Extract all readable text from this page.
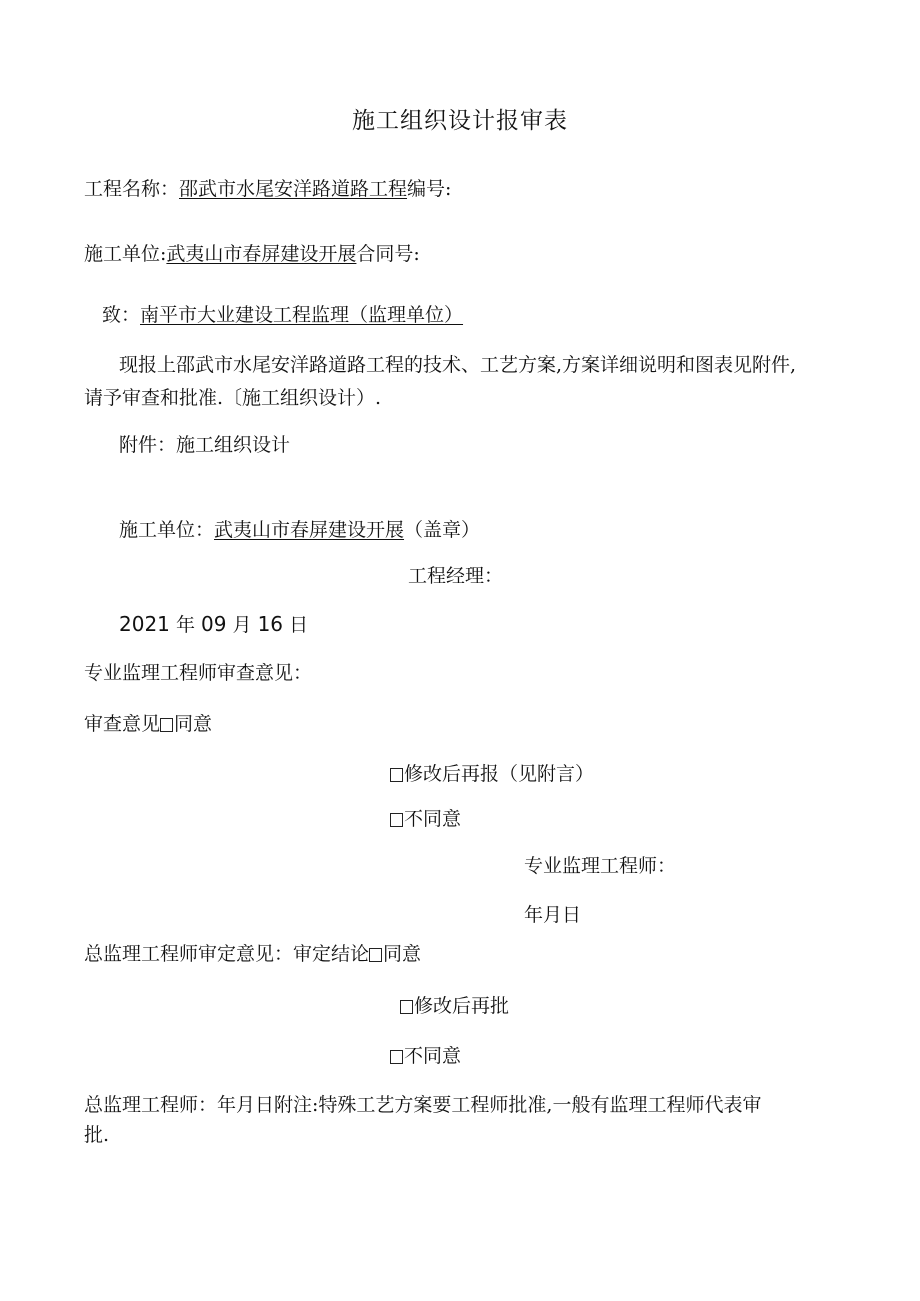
施工组织设计报审表
工程名称：邵武市水尾安洋路道路工程编号:
施工单位:武夷山市春屏建设开展合同号:
致：南平市大业建设工程监理（监理单位）
现报上邵武市水尾安洋路道路工程的技术、工艺方案,方案详细说明和图表见附件,
请予审查和批准.〔施工组织设计）.
附件：施工组织设计
施工单位：武夷山市春屏建设开展（盖章）
工程经理：
2021 年 09 月 16 日
专业监理工程师审查意见：
审查意见 同意
修改后再报（见附言）
不同意
专业监理工程师：
年月日
总监理工程师审定意见：审定结论 同意
修改后再批
不同意
总监理工程师：年月日附注:特殊工艺方案要工程师批准,一般有监理工程师代表审
批.
